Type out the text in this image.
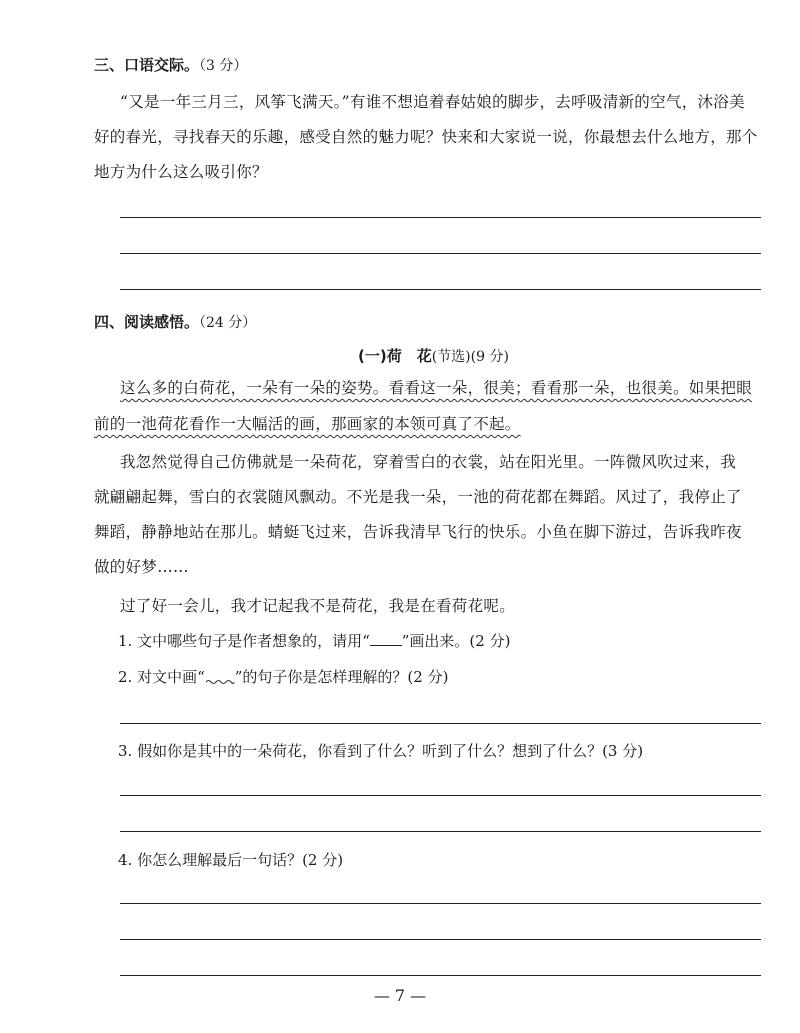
三、口语交际。（3 分）
“又是一年三月三，风筝飞满天。”有谁不想追着春姑娘的脚步，去呼吸清新的空气，沐浴美
好的春光，寻找春天的乐趣，感受自然的魅力呢？快来和大家说一说，你最想去什么地方，那个
地方为什么这么吸引你？
四、阅读感悟。（24 分）
(一)荷　花(节选)(9 分)
这么多的白荷花，一朵有一朵的姿势。看看这一朵，很美；看看那一朵，也很美。如果把眼
前的一池荷花看作一大幅活的画，那画家的本领可真了不起。
我忽然觉得自己仿佛就是一朵荷花，穿着雪白的衣裳，站在阳光里。一阵微风吹过来，我
就翩翩起舞，雪白的衣裳随风飘动。不光是我一朵，一池的荷花都在舞蹈。风过了，我停止了
舞蹈，静静地站在那儿。蜻蜓飞过来，告诉我清早飞行的快乐。小鱼在脚下游过，告诉我昨夜
做的好梦……
过了好一会儿，我才记起我不是荷花，我是在看荷花呢。
1. 文中哪些句子是作者想象的，请用“ ”画出来。(2 分)
2. 对文中画“ ”的句子你是怎样理解的？(2 分)
3. 假如你是其中的一朵荷花，你看到了什么？听到了什么？想到了什么？(3 分)
4. 你怎么理解最后一句话？(2 分)
— 7 —
